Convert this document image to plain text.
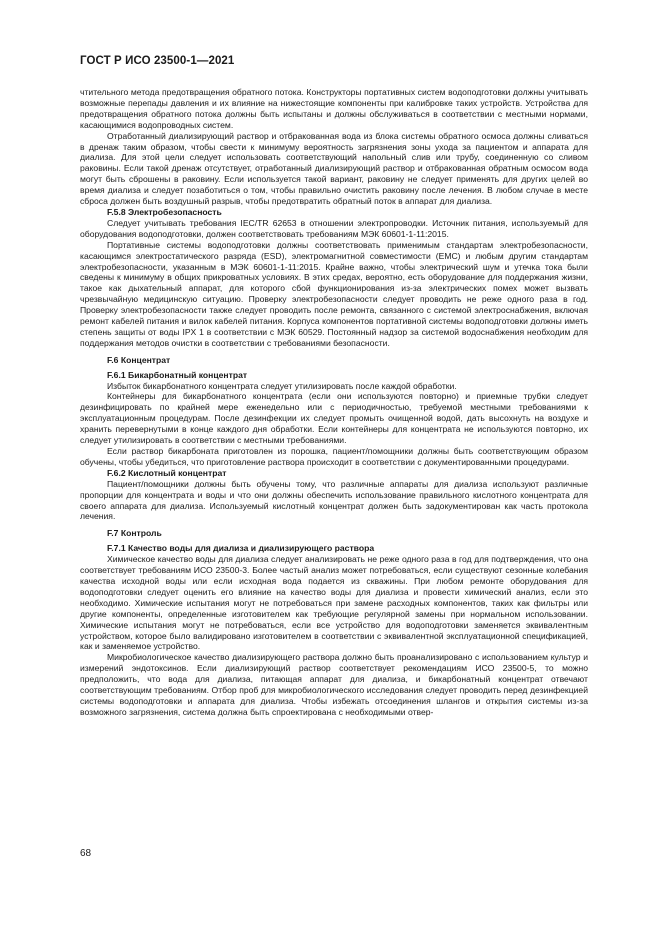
ГОСТ Р ИСО 23500-1—2021

чтительного метода предотвращения обратного потока. Конструкторы портативных систем водоподготовки должны учитывать возможные перепады давления и их влияние на нижестоящие компоненты при калибровке таких устройств. Устройства для предотвращения обратного потока должны быть испытаны и должны обслуживаться в соответствии с местными нормами, касающимися водопроводных систем.

Отработанный диализирующий раствор и отбракованная вода из блока системы обратного осмоса должны сливаться в дренаж таким образом, чтобы свести к минимуму вероятность загрязнения зоны ухода за пациентом и аппарата для диализа. Для этой цели следует использовать соответствующий напольный слив или трубу, соединенную со сливом раковины. Если такой дренаж отсутствует, отработанный диализирующий раствор и отбракованная обратным осмосом вода могут быть сброшены в раковину. Если используется такой вариант, раковину не следует применять для других целей во время диализа и следует позаботиться о том, чтобы правильно очистить раковину после лечения. В любом случае в месте сброса должен быть воздушный разрыв, чтобы предотвратить обратный поток в аппарат для диализа.

F.5.8 Электробезопасность

Следует учитывать требования IEC/TR 62653 в отношении электропроводки. Источник питания, используемый для оборудования водоподготовки, должен соответствовать требованиям МЭК 60601-1-11:2015.

Портативные системы водоподготовки должны соответствовать применимым стандартам электробезопасности, касающимся электростатического разряда (ESD), электромагнитной совместимости (EMC) и любым другим стандартам электробезопасности, указанным в МЭК 60601-1-11:2015. Крайне важно, чтобы электрический шум и утечка тока были сведены к минимуму в общих прикроватных условиях. В этих средах, вероятно, есть оборудование для поддержания жизни, такое как дыхательный аппарат, для которого сбой функционирования из-за электрических помех может вызвать чрезвычайную медицинскую ситуацию. Проверку электробезопасности следует проводить не реже одного раза в год. Проверку электробезопасности также следует проводить после ремонта, связанного с системой электроснабжения, включая ремонт кабелей питания и вилок кабелей питания. Корпуса компонентов портативной системы водоподготовки должны иметь степень защиты от воды IPX 1 в соответствии с МЭК 60529. Постоянный надзор за системой водоснабжения необходим для поддержания методов очистки в соответствии с требованиями безопасности.

F.6 Концентрат

F.6.1 Бикарбонатный концентрат

Избыток бикарбонатного концентрата следует утилизировать после каждой обработки.

Контейнеры для бикарбонатного концентрата (если они используются повторно) и приемные трубки следует дезинфицировать по крайней мере еженедельно или с периодичностью, требуемой местными требованиями к эксплуатационным процедурам. После дезинфекции их следует промыть очищенной водой, дать высохнуть на воздухе и хранить перевернутыми в конце каждого дня обработки. Если контейнеры для концентрата не используются повторно, их следует утилизировать в соответствии с местными требованиями.

Если раствор бикарбоната приготовлен из порошка, пациент/помощники должны быть соответствующим образом обучены, чтобы убедиться, что приготовление раствора происходит в соответствии с документированными процедурами.

F.6.2 Кислотный концентрат

Пациент/помощники должны быть обучены тому, что различные аппараты для диализа используют различные пропорции для концентрата и воды и что они должны обеспечить использование правильного кислотного концентрата для своего аппарата для диализа. Используемый кислотный концентрат должен быть задокументирован как часть протокола лечения.

F.7 Контроль

F.7.1 Качество воды для диализа и диализирующего раствора

Химическое качество воды для диализа следует анализировать не реже одного раза в год для подтверждения, что она соответствует требованиям ИСО 23500-3. Более частый анализ может потребоваться, если существуют сезонные колебания качества исходной воды или если исходная вода подается из скважины. При любом ремонте оборудования для водоподготовки следует оценить его влияние на качество воды для диализа и провести химический анализ, если это необходимо. Химические испытания могут не потребоваться при замене расходных компонентов, таких как фильтры или другие компоненты, определенные изготовителем как требующие регулярной замены при нормальном использовании. Химические испытания могут не потребоваться, если все устройство для водоподготовки заменяется эквивалентным устройством, которое было валидировано изготовителем в соответствии с эквивалентной эксплуатационной спецификацией, как и заменяемое устройство.

Микробиологическое качество диализирующего раствора должно быть проанализировано с использованием культур и измерений эндотоксинов. Если диализирующий раствор соответствует рекомендациям ИСО 23500-5, то можно предположить, что вода для диализа, питающая аппарат для диализа, и бикарбонатный концентрат отвечают соответствующим требованиям. Отбор проб для микробиологического исследования следует проводить перед дезинфекцией системы водоподготовки и аппарата для диализа. Чтобы избежать отсоединения шлангов и открытия системы из-за возможного загрязнения, система должна быть спроектирована с необходимыми отвер-

68
